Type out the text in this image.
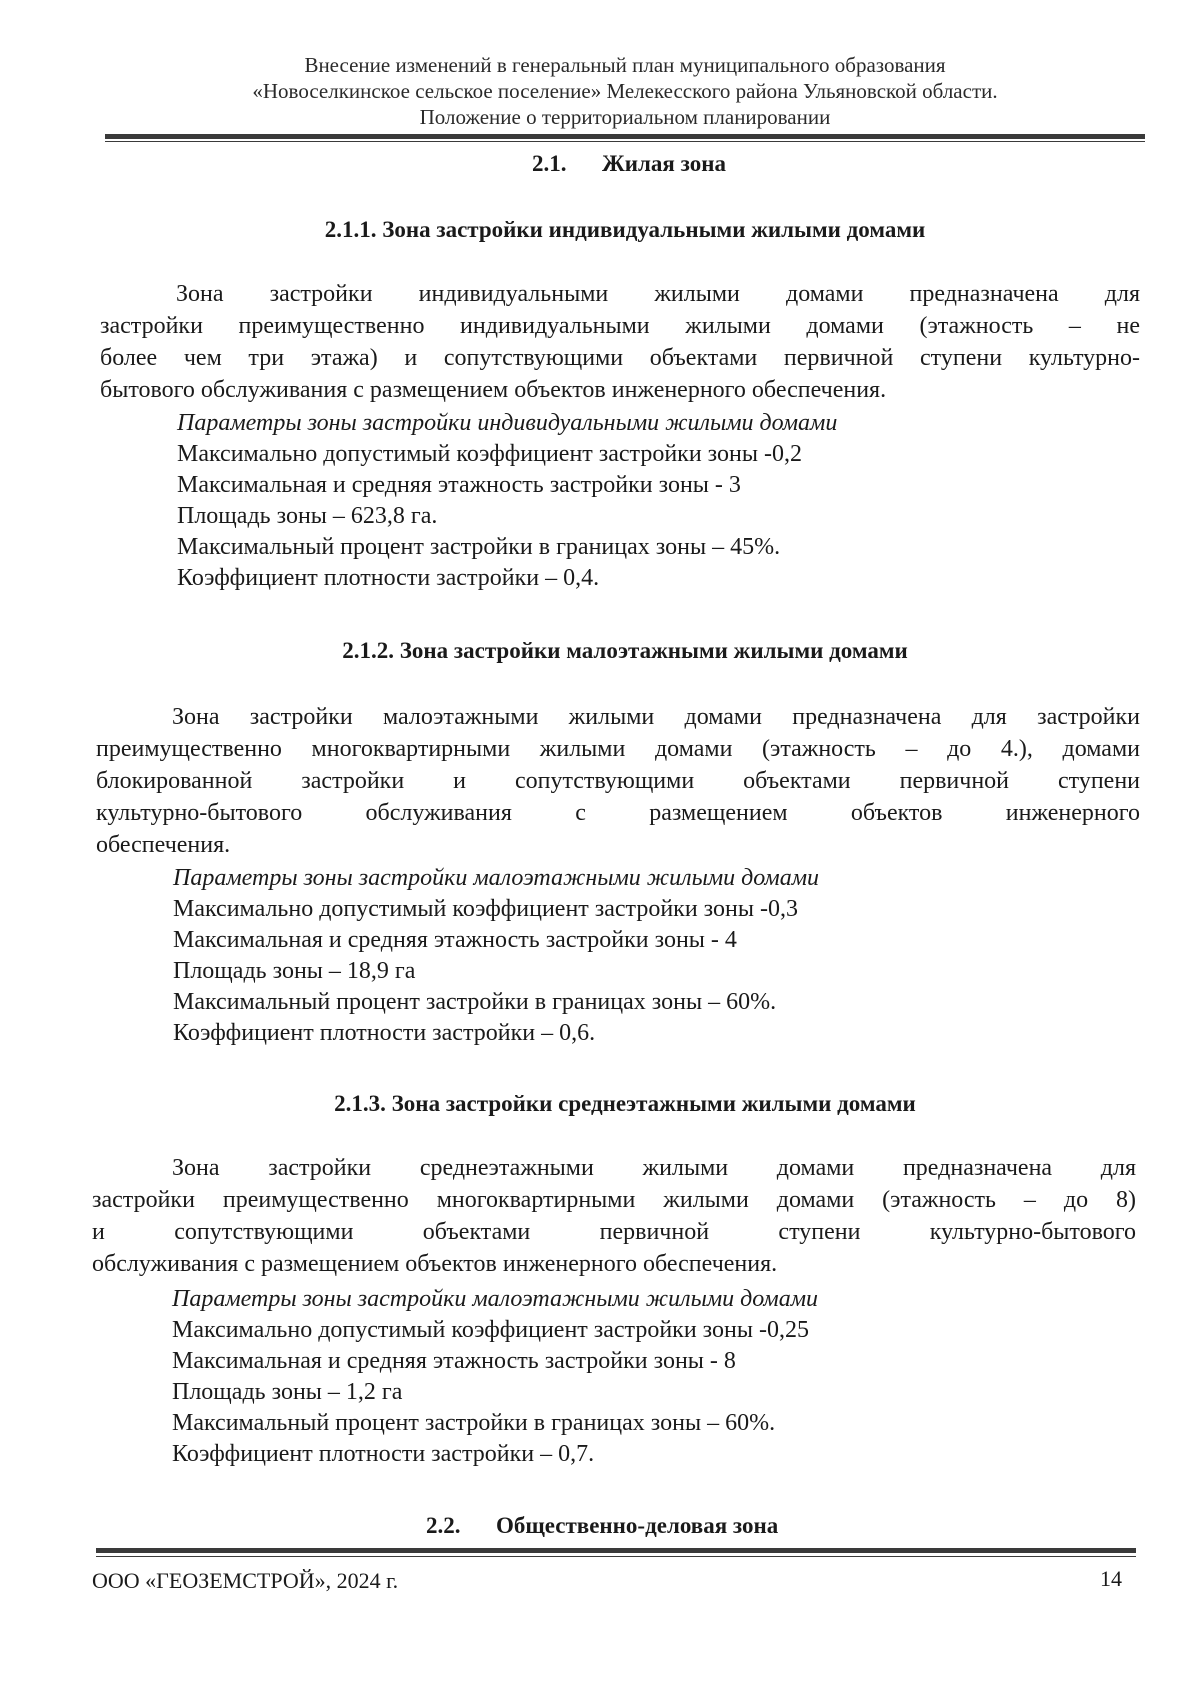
Внесение изменений в генеральный план муниципального образования
«Новоселкинское сельское поселение» Мелекесского района Ульяновской области.
Положение о территориальном планировании
2.1. Жилая зона
2.1.1. Зона застройки индивидуальными жилыми домами
Зона застройки индивидуальными жилыми домами предназначена для
застройки преимущественно индивидуальными жилыми домами (этажность – не
более чем три этажа) и сопутствующими объектами первичной ступени культурно-
бытового обслуживания с размещением объектов инженерного обеспечения.
Параметры зоны застройки индивидуальными жилыми домами
Максимально допустимый коэффициент застройки зоны -0,2
Максимальная и средняя этажность застройки зоны - 3
Площадь зоны – 623,8 га.
Максимальный процент застройки в границах зоны – 45%.
Коэффициент плотности застройки – 0,4.
2.1.2. Зона застройки малоэтажными жилыми домами
Зона застройки малоэтажными жилыми домами предназначена для застройки
преимущественно многоквартирными жилыми домами (этажность – до 4.), домами
блокированной застройки и сопутствующими объектами первичной ступени
культурно-бытового обслуживания с размещением объектов инженерного
обеспечения.
Параметры зоны застройки малоэтажными жилыми домами
Максимально допустимый коэффициент застройки зоны -0,3
Максимальная и средняя этажность застройки зоны - 4
Площадь зоны – 18,9 га
Максимальный процент застройки в границах зоны – 60%.
Коэффициент плотности застройки – 0,6.
2.1.3. Зона застройки среднеэтажными жилыми домами
Зона застройки среднеэтажными жилыми домами предназначена для
застройки преимущественно многоквартирными жилыми домами (этажность – до 8)
и сопутствующими объектами первичной ступени культурно-бытового
обслуживания с размещением объектов инженерного обеспечения.
Параметры зоны застройки малоэтажными жилыми домами
Максимально допустимый коэффициент застройки зоны -0,25
Максимальная и средняя этажность застройки зоны - 8
Площадь зоны – 1,2 га
Максимальный процент застройки в границах зоны – 60%.
Коэффициент плотности застройки – 0,7.
2.2. Общественно-деловая зона
ООО «ГЕОЗЕМСТРОЙ», 2024 г.	14
